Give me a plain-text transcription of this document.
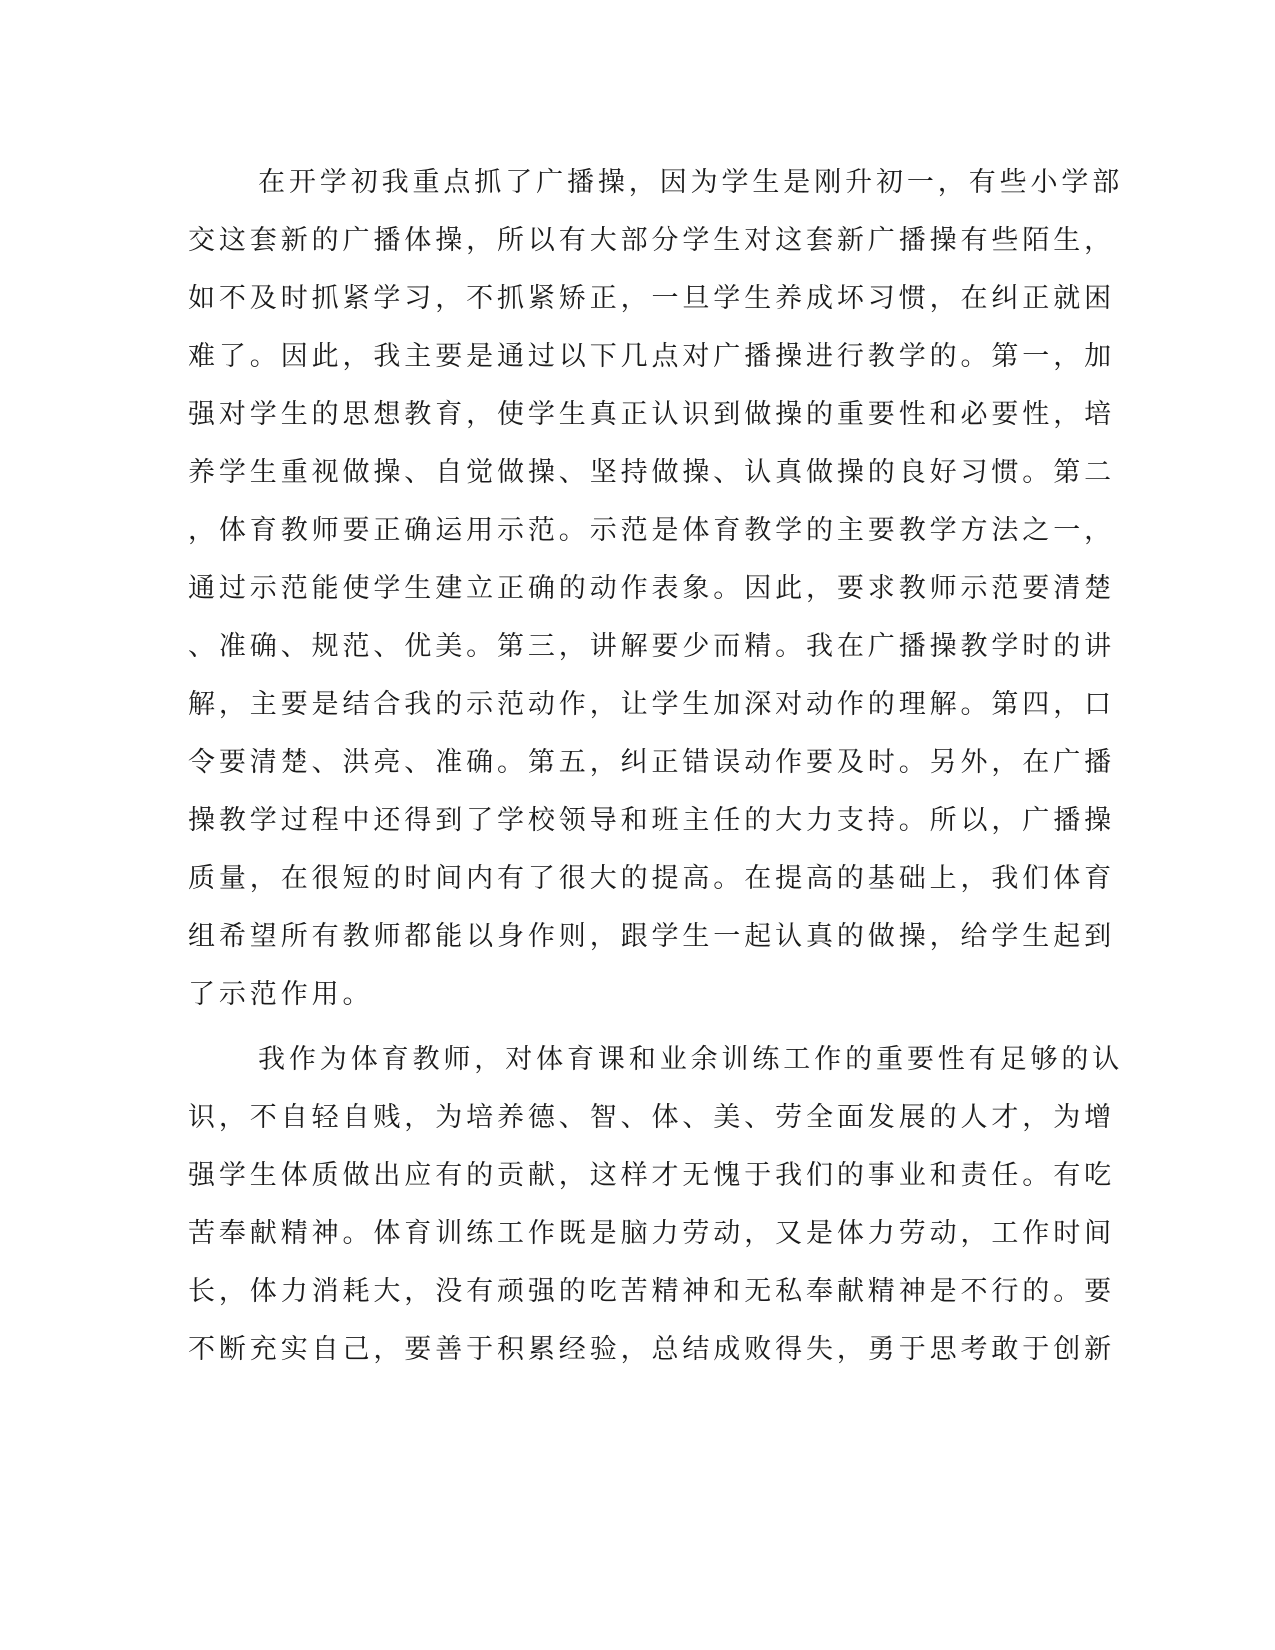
在开学初我重点抓了广播操，因为学生是刚升初一，有些小学部
交这套新的广播体操，所以有大部分学生对这套新广播操有些陌生，
如不及时抓紧学习，不抓紧矫正，一旦学生养成坏习惯，在纠正就困
难了。因此，我主要是通过以下几点对广播操进行教学的。第一，加
强对学生的思想教育，使学生真正认识到做操的重要性和必要性，培
养学生重视做操、自觉做操、坚持做操、认真做操的良好习惯。第二
，体育教师要正确运用示范。示范是体育教学的主要教学方法之一，
通过示范能使学生建立正确的动作表象。因此，要求教师示范要清楚
、准确、规范、优美。第三，讲解要少而精。我在广播操教学时的讲
解，主要是结合我的示范动作，让学生加深对动作的理解。第四，口
令要清楚、洪亮、准确。第五，纠正错误动作要及时。另外，在广播
操教学过程中还得到了学校领导和班主任的大力支持。所以，广播操
质量，在很短的时间内有了很大的提高。在提高的基础上，我们体育
组希望所有教师都能以身作则，跟学生一起认真的做操，给学生起到
了示范作用。
我作为体育教师，对体育课和业余训练工作的重要性有足够的认
识，不自轻自贱，为培养德、智、体、美、劳全面发展的人才，为增
强学生体质做出应有的贡献，这样才无愧于我们的事业和责任。有吃
苦奉献精神。体育训练工作既是脑力劳动，又是体力劳动，工作时间
长，体力消耗大，没有顽强的吃苦精神和无私奉献精神是不行的。要
不断充实自己，要善于积累经验，总结成败得失，勇于思考敢于创新
